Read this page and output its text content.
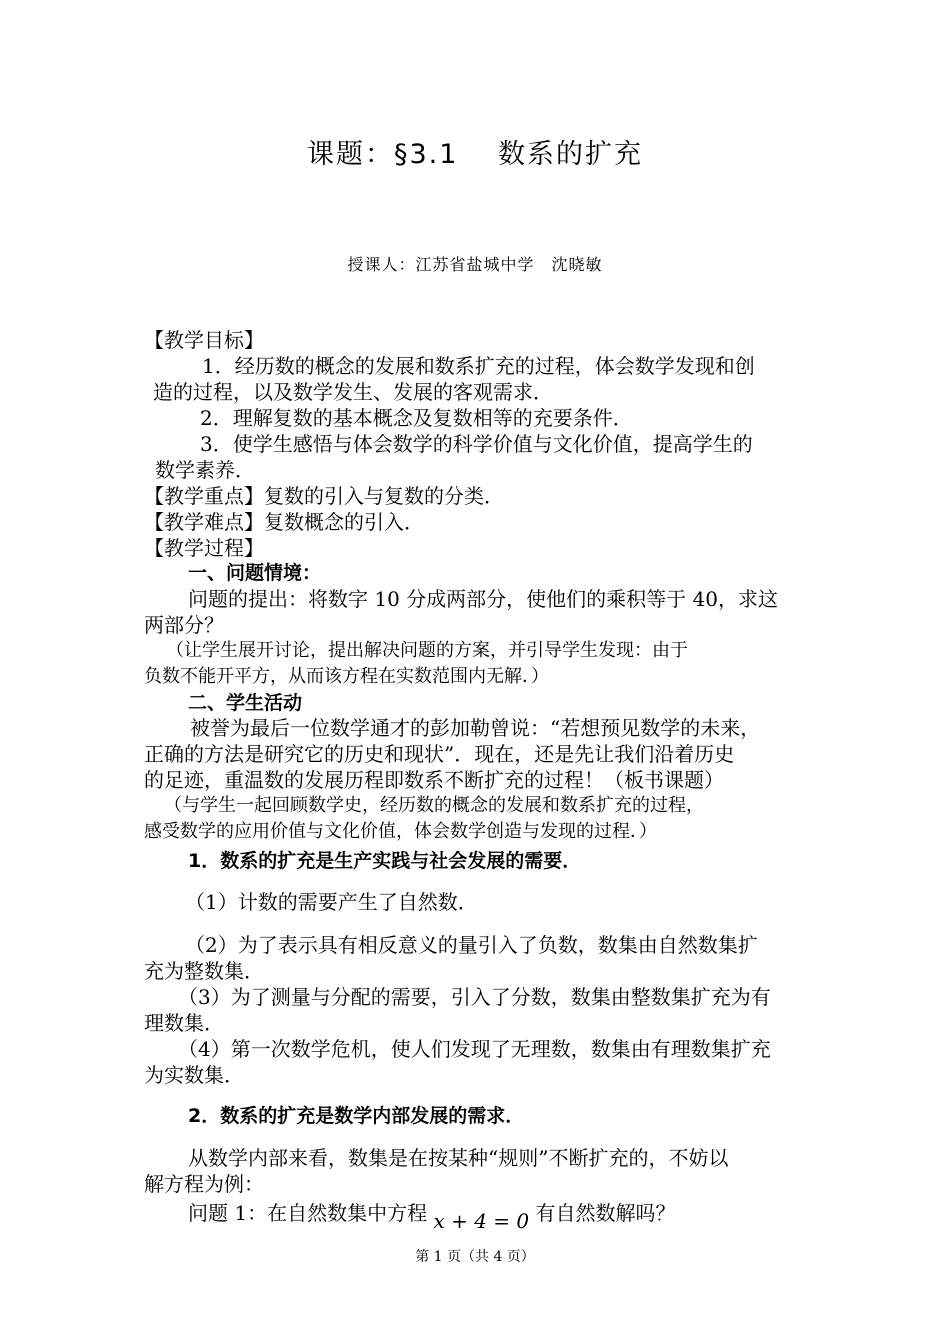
课题：§3.1　 数系的扩充
授课人：江苏省盐城中学　沈晓敏
【教学目标】
1．经历数的概念的发展和数系扩充的过程，体会数学发现和创
造的过程，以及数学发生、发展的客观需求．
2．理解复数的基本概念及复数相等的充要条件．
3．使学生感悟与体会数学的科学价值与文化价值，提高学生的
数学素养．
【教学重点】复数的引入与复数的分类．
【教学难点】复数概念的引入．
【教学过程】
一、问题情境：
问题的提出：将数字 10 分成两部分，使他们的乘积等于 40，求这
两部分？
（让学生展开讨论，提出解决问题的方案，并引导学生发现：由于
负数不能开平方，从而该方程在实数范围内无解．）
二、学生活动
被誉为最后一位数学通才的彭加勒曾说：“若想预见数学的未来，
正确的方法是研究它的历史和现状”．现在，还是先让我们沿着历史
的足迹，重温数的发展历程即数系不断扩充的过程！（板书课题）
（与学生一起回顾数学史，经历数的概念的发展和数系扩充的过程，
感受数学的应用价值与文化价值，体会数学创造与发现的过程．）
1．数系的扩充是生产实践与社会发展的需要．
（1）计数的需要产生了自然数．
（2）为了表示具有相反意义的量引入了负数，数集由自然数集扩
充为整数集．
（3）为了测量与分配的需要，引入了分数，数集由整数集扩充为有
理数集．
（4）第一次数学危机，使人们发现了无理数，数集由有理数集扩充
为实数集．
2．数系的扩充是数学内部发展的需求．
从数学内部来看，数集是在按某种“规则”不断扩充的，不妨以
解方程为例：
问题 1：在自然数集中方程 x + 4 = 0 有自然数解吗？
第 1 页（共 4 页）
